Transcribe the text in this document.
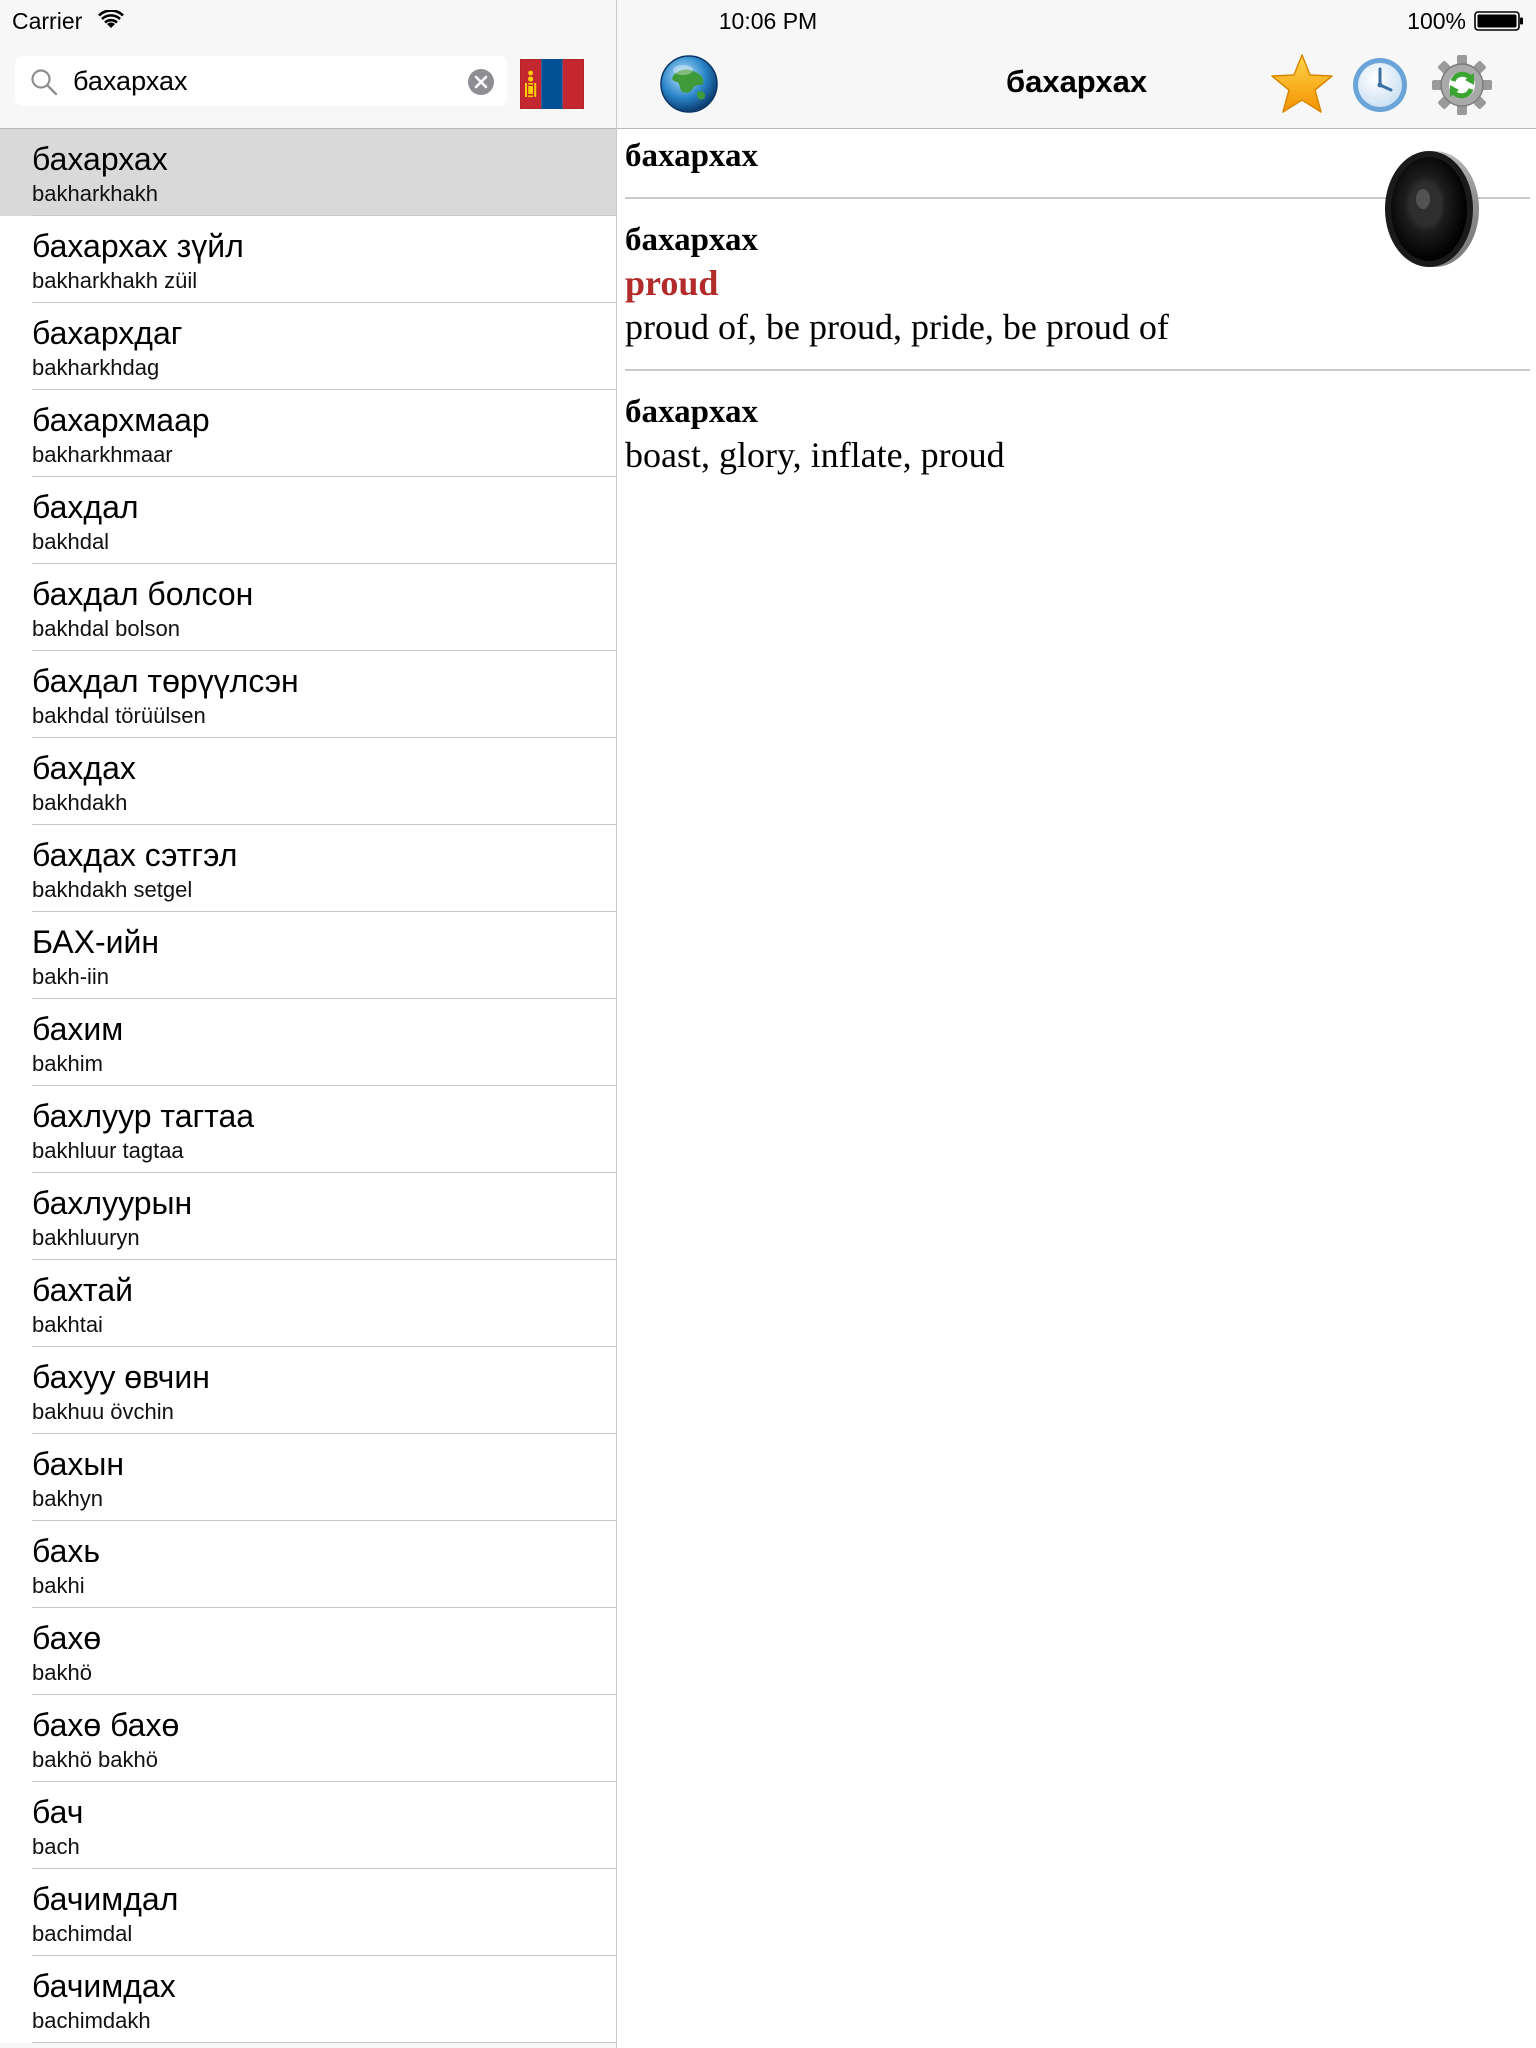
Carrier	10:06 PM	100%
бахархах
бахархах
bakharkhakh
бахархах зүйл
bakharkhakh züil
бахархдаг
bakharkhdag
бахархмаар
bakharkhmaar
бахдал
bakhdal
бахдал болсон
bakhdal bolson
бахдал төрүүлсэн
bakhdal törüülsen
бахдах
bakhdakh
бахдах сэтгэл
bakhdakh setgel
БАХ-ийн
bakh-iin
бахим
bakhim
бахлуур тагтаа
bakhluur tagtaa
бахлуурын
bakhluuryn
бахтай
bakhtai
бахуу өвчин
bakhuu övchin
бахын
bakhyn
бахь
bakhi
бахө
bakhö
бахө бахө
bakhö bakhö
бач
bach
бачимдал
bachimdal
бачимдах
bachimdakh
бахархах
бахархах
бахархах
proud
proud of, be proud, pride, be proud of
бахархах
boast, glory, inflate, proud
